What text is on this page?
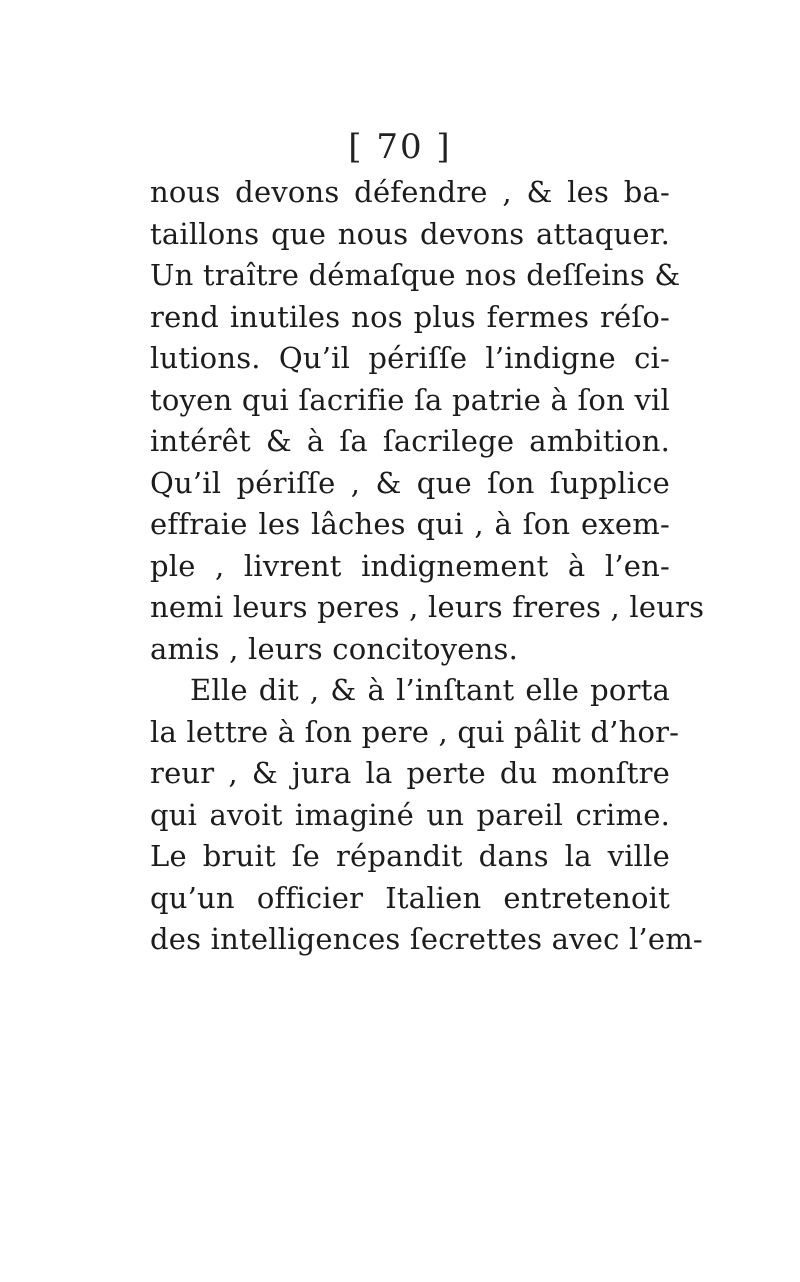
[ 70 ]
nous devons défendre , & les ba-
taillons que nous devons attaquer.
Un traître démaſque nos deſſeins &
rend inutiles nos plus fermes réſo-
lutions. Qu’il périſſe l’indigne ci-
toyen qui ſacrifie ſa patrie à ſon vil
intérêt & à ſa ſacrilege ambition.
Qu’il périſſe , & que ſon ſupplice
effraie les lâches qui , à ſon exem-
ple , livrent indignement à l’en-
nemi leurs peres , leurs freres , leurs
amis , leurs concitoyens.
Elle dit , & à l’inſtant elle porta
la lettre à ſon pere , qui pâlit d’hor-
reur , & jura la perte du monſtre
qui avoit imaginé un pareil crime.
Le bruit ſe répandit dans la ville
qu’un officier Italien entretenoit
des intelligences ſecrettes avec l’em-
